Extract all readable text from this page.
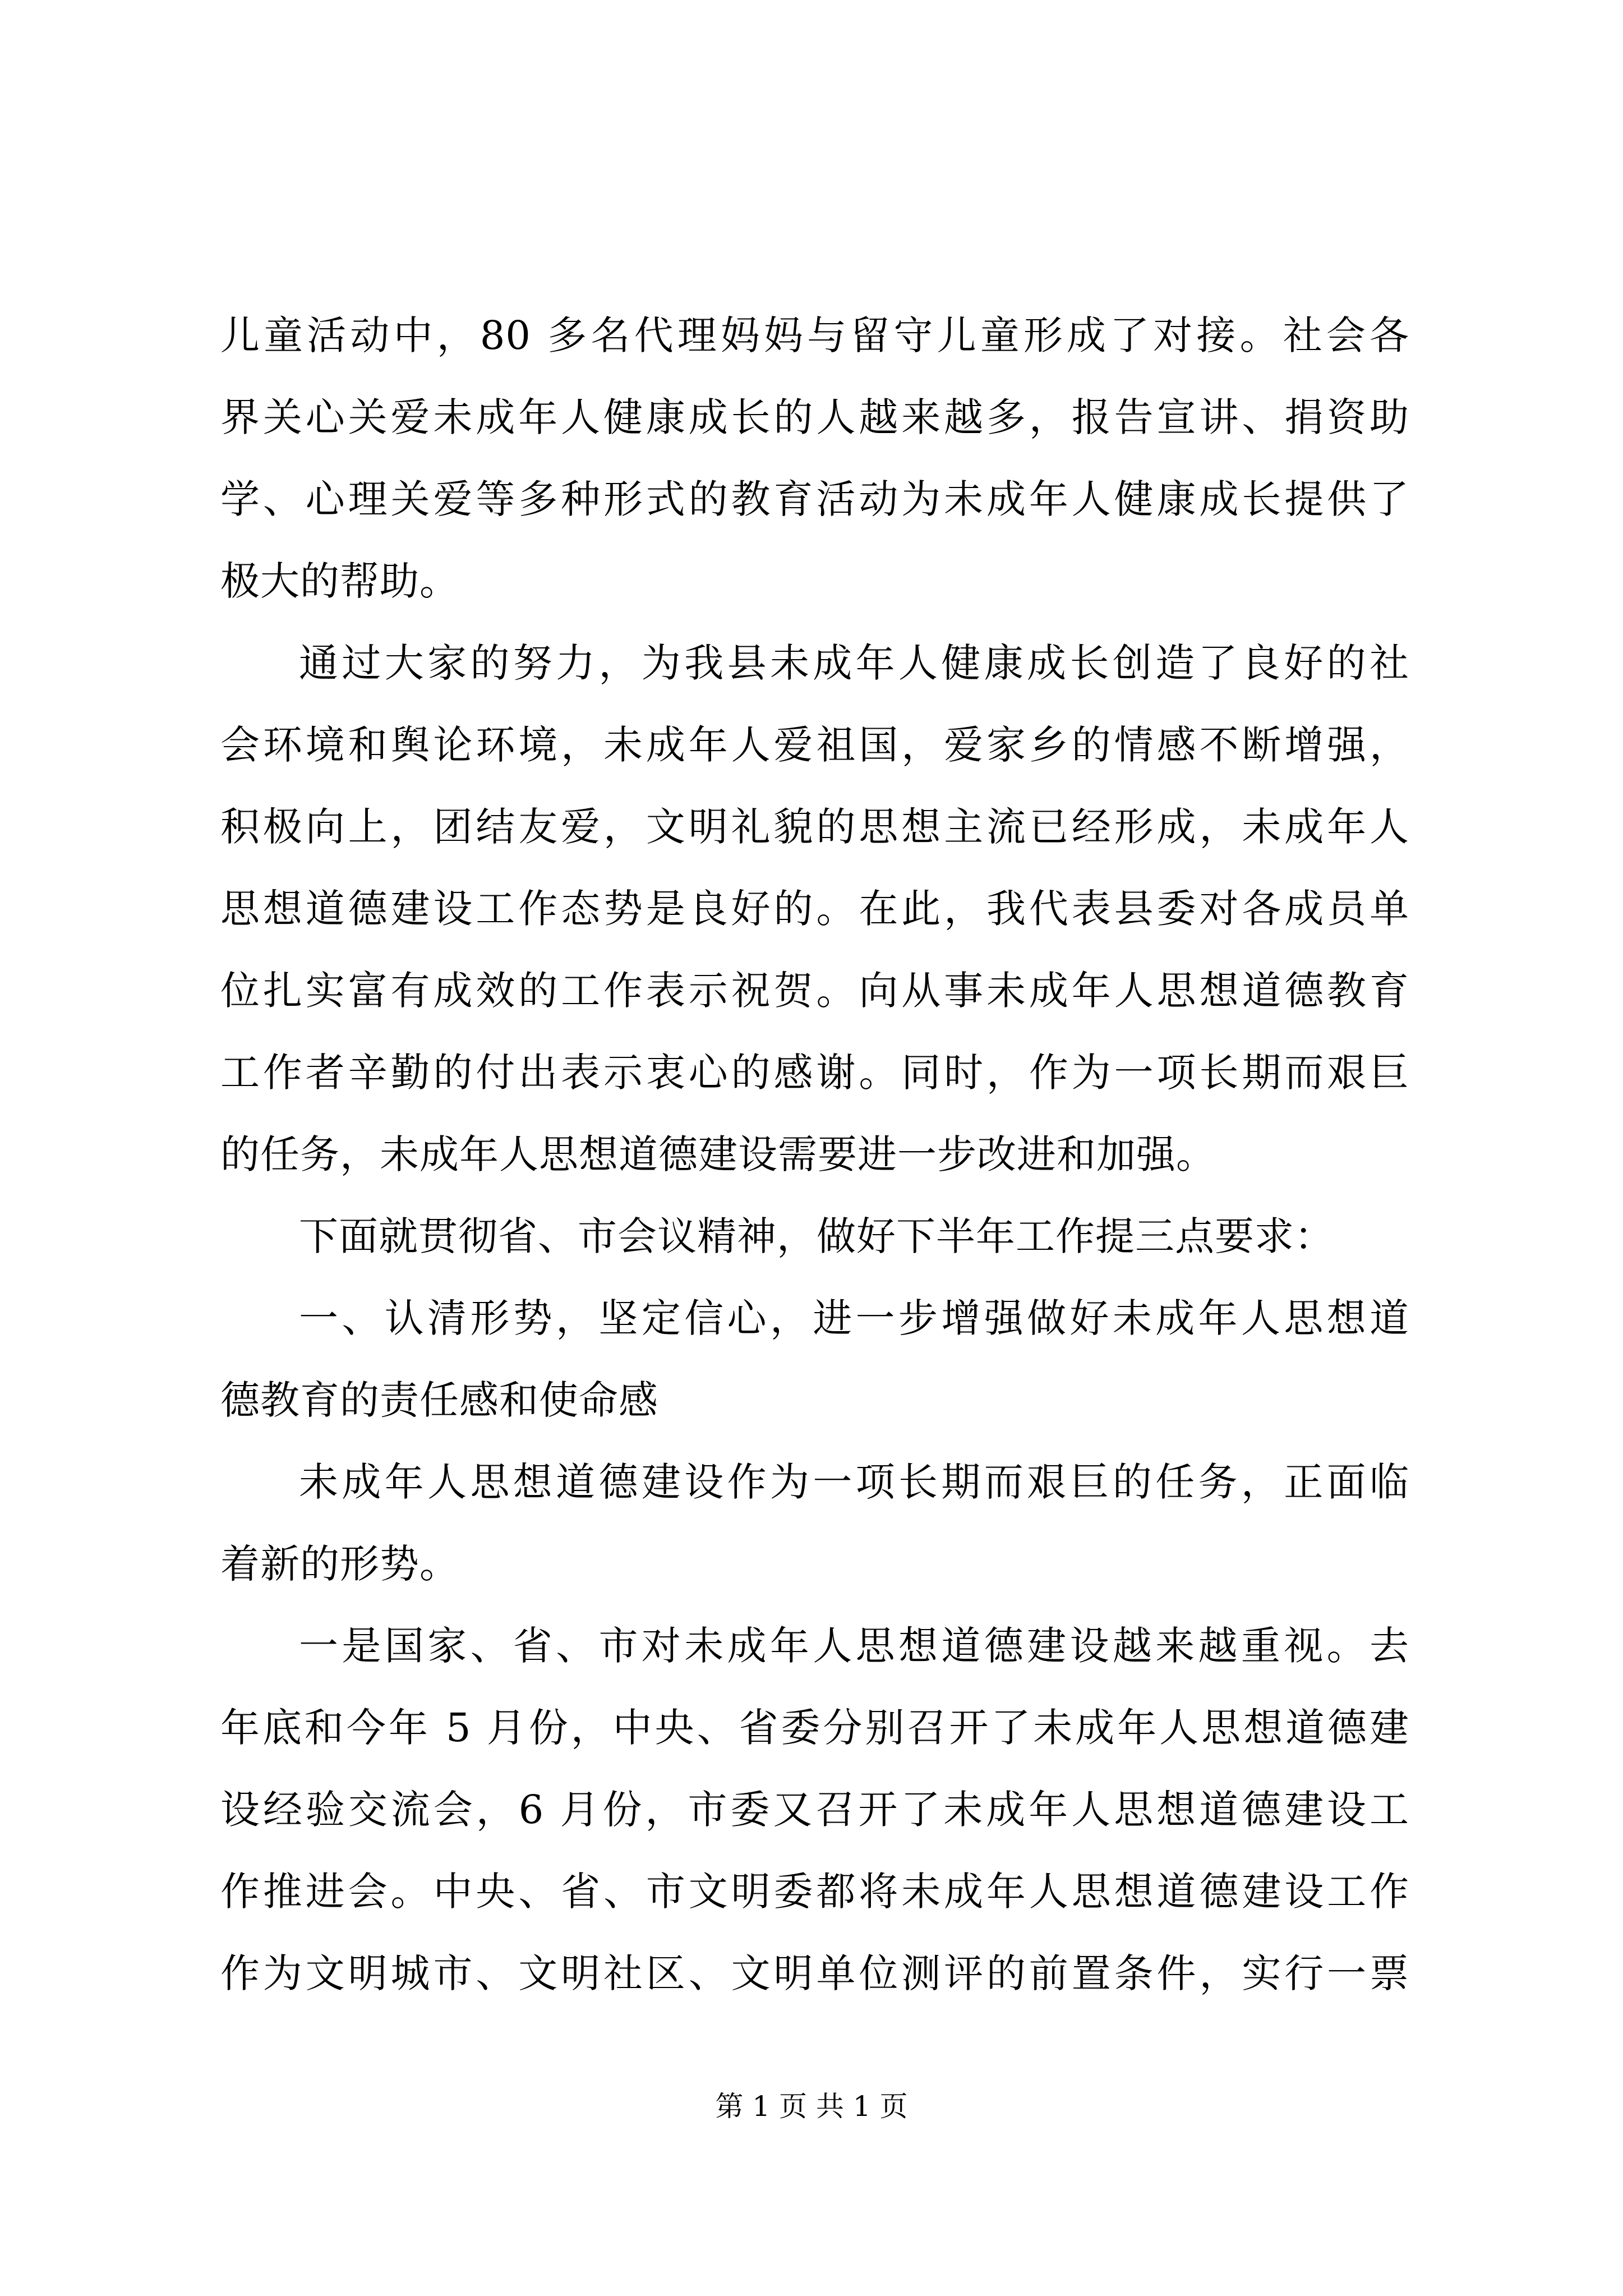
儿童活动中，80 多名代理妈妈与留守儿童形成了对接。社会各
界关心关爱未成年人健康成长的人越来越多，报告宣讲、捐资助
学、心理关爱等多种形式的教育活动为未成年人健康成长提供了
极大的帮助。
通过大家的努力，为我县未成年人健康成长创造了良好的社
会环境和舆论环境，未成年人爱祖国，爱家乡的情感不断增强，
积极向上，团结友爱，文明礼貌的思想主流已经形成，未成年人
思想道德建设工作态势是良好的。在此，我代表县委对各成员单
位扎实富有成效的工作表示祝贺。向从事未成年人思想道德教育
工作者辛勤的付出表示衷心的感谢。同时，作为一项长期而艰巨
的任务，未成年人思想道德建设需要进一步改进和加强。
下面就贯彻省、市会议精神，做好下半年工作提三点要求：
一、认清形势，坚定信心，进一步增强做好未成年人思想道
德教育的责任感和使命感
未成年人思想道德建设作为一项长期而艰巨的任务，正面临
着新的形势。
一是国家、省、市对未成年人思想道德建设越来越重视。去
年底和今年 5 月份，中央、省委分别召开了未成年人思想道德建
设经验交流会，6 月份，市委又召开了未成年人思想道德建设工
作推进会。中央、省、市文明委都将未成年人思想道德建设工作
作为文明城市、文明社区、文明单位测评的前置条件，实行一票
第 1 页 共 1 页
